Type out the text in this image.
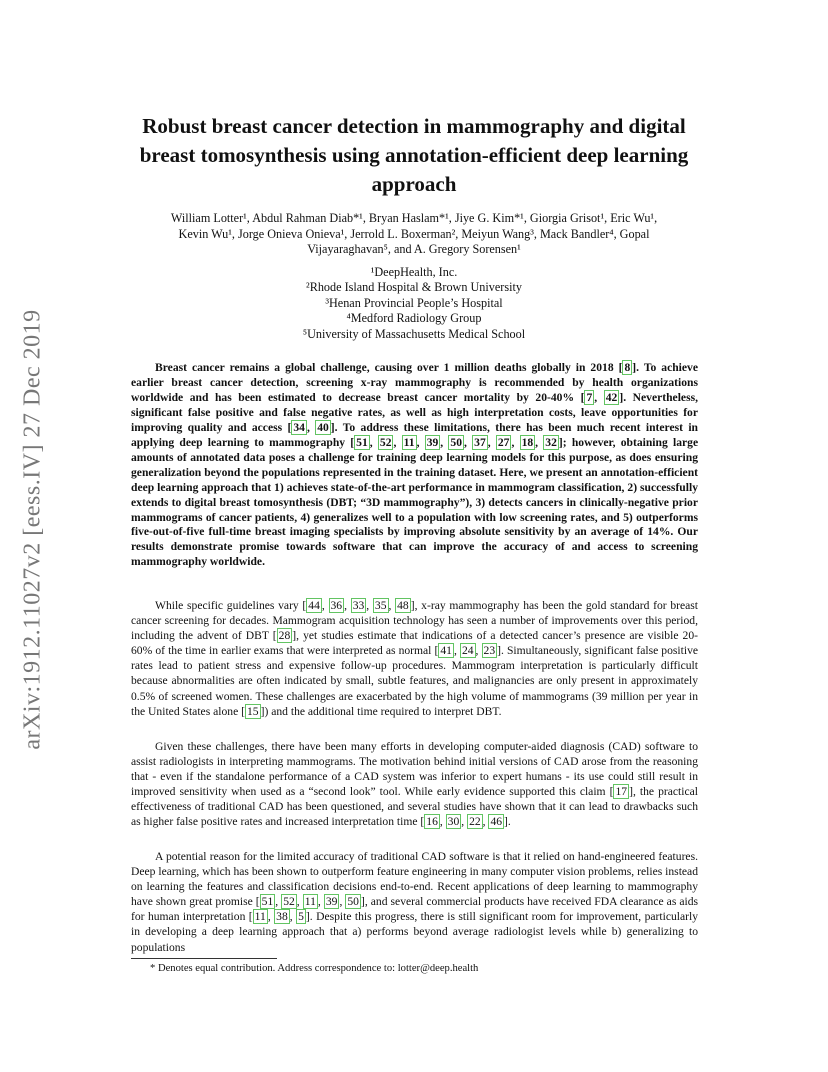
arXiv:1912.11027v2 [eess.IV] 27 Dec 2019
Robust breast cancer detection in mammography and digital breast tomosynthesis using annotation-efficient deep learning approach
William Lotter¹, Abdul Rahman Diab*¹, Bryan Haslam*¹, Jiye G. Kim*¹, Giorgia Grisot¹, Eric Wu¹,
Kevin Wu¹, Jorge Onieva Onieva¹, Jerrold L. Boxerman², Meiyun Wang³, Mack Bandler⁴, Gopal
Vijayaraghavan⁵, and A. Gregory Sorensen¹
¹DeepHealth, Inc.
²Rhode Island Hospital & Brown University
³Henan Provincial People’s Hospital
⁴Medford Radiology Group
⁵University of Massachusetts Medical School

Breast cancer remains a global challenge, causing over 1 million deaths globally in 2018 [ 8 ]. To achieve earlier breast cancer detection, screening x-ray mammography is recommended by health organizations worldwide and has been estimated to decrease breast cancer mortality by 20-40% [ 7 , 42 ]. Nevertheless, significant false positive and false negative rates, as well as high interpretation costs, leave opportunities for improving quality and access [ 34 , 40 ]. To address these limitations, there has been much recent interest in applying deep learning to mammography [ 51 , 52 , 11 , 39 , 50 , 37 , 27 , 18 , 32 ]; however, obtaining large amounts of annotated data poses a challenge for training deep learning models for this purpose, as does ensuring generalization beyond the populations represented in the training dataset. Here, we present an annotation-efficient deep learning approach that 1) achieves state-of-the-art performance in mammogram classification, 2) successfully extends to digital breast tomosynthesis (DBT; “3D mammography”), 3) detects cancers in clinically-negative prior mammograms of cancer patients, 4) generalizes well to a population with low screening rates, and 5) outperforms five-out-of-five full-time breast imaging specialists by improving absolute sensitivity by an average of 14%. Our results demonstrate promise towards software that can improve the accuracy of and access to screening mammography worldwide.

While specific guidelines vary [ 44 , 36 , 33 , 35 , 48 ], x-ray mammography has been the gold standard for breast cancer screening for decades. Mammogram acquisition technology has seen a number of improvements over this period, including the advent of DBT [ 28 ], yet studies estimate that indications of a detected cancer’s presence are visible 20-60% of the time in earlier exams that were interpreted as normal [ 41 , 24 , 23 ]. Simultaneously, significant false positive rates lead to patient stress and expensive follow-up procedures. Mammogram interpretation is particularly difficult because abnormalities are often indicated by small, subtle features, and malignancies are only present in approximately 0.5% of screened women. These challenges are exacerbated by the high volume of mammograms (39 million per year in the United States alone [ 15 ]) and the additional time required to interpret DBT.

Given these challenges, there have been many efforts in developing computer-aided diagnosis (CAD) software to assist radiologists in interpreting mammograms. The motivation behind initial versions of CAD arose from the reasoning that - even if the standalone performance of a CAD system was inferior to expert humans - its use could still result in improved sensitivity when used as a “second look” tool. While early evidence supported this claim [ 17 ], the practical effectiveness of traditional CAD has been questioned, and several studies have shown that it can lead to drawbacks such as higher false positive rates and increased interpretation time [ 16 , 30 , 22 , 46 ].

A potential reason for the limited accuracy of traditional CAD software is that it relied on hand-engineered features. Deep learning, which has been shown to outperform feature engineering in many computer vision problems, relies instead on learning the features and classification decisions end-to-end. Recent applications of deep learning to mammography have shown great promise [ 51 , 52 , 11 , 39 , 50 ], and several commercial products have received FDA clearance as aids for human interpretation [ 11 , 38 , 5 ]. Despite this progress, there is still significant room for improvement, particularly in developing a deep learning approach that a) performs beyond average radiologist levels while b) generalizing to populations

* Denotes equal contribution. Address correspondence to: lotter@deep.health
